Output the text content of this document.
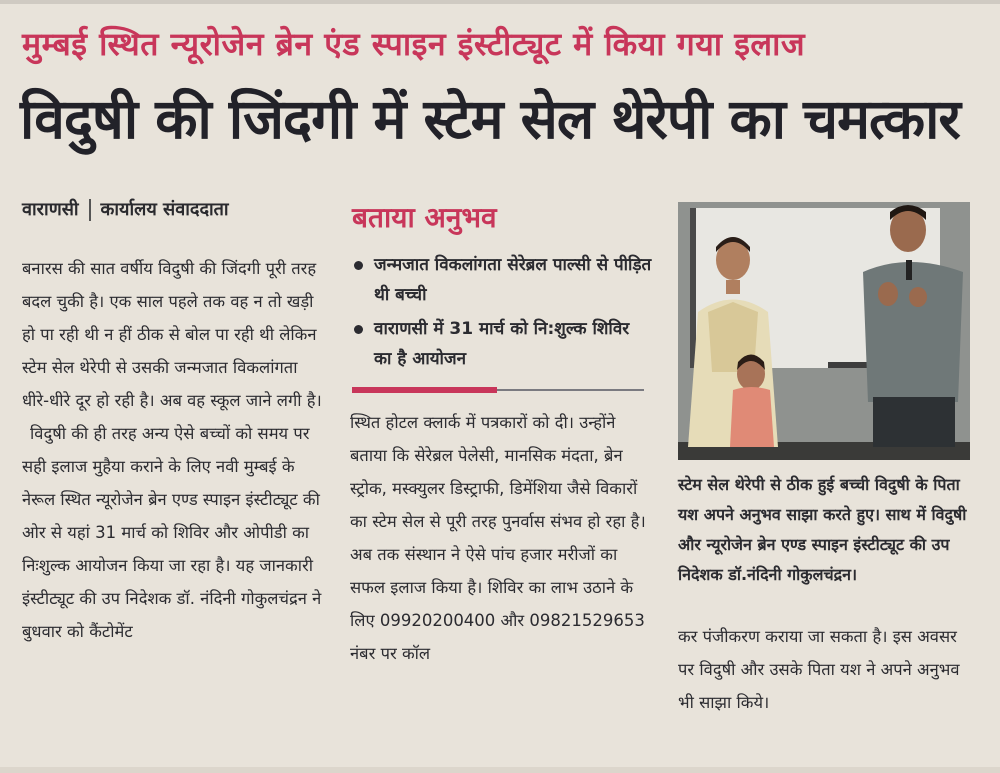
मुम्बई स्थित न्यूरोजेन ब्रेन एंड स्पाइन इंस्टीट्यूट में किया गया इलाज
विदुषी की जिंदगी में स्टेम सेल थेरेपी का चमत्कार
वाराणसी कार्यालय संवाददाता

बनारस की सात वर्षीय विदुषी की जिंदगी पूरी तरह बदल चुकी है। एक साल पहले तक वह न तो खड़ी हो पा रही थी न हीं ठीक से बोल पा रही थी लेकिन स्टेम सेल थेरेपी से उसकी जन्मजात विकलांगता धीरे-धीरे दूर हो रही है। अब वह स्कूल जाने लगी है।

विदुषी की ही तरह अन्य ऐसे बच्चों को समय पर सही इलाज मुहैया कराने के लिए नवी मुम्बई के नेरूल स्थित न्यूरोजेन ब्रेन एण्ड स्पाइन इंस्टीट्यूट की ओर से यहां 31 मार्च को शिविर और ओपीडी का निःशुल्क आयोजन किया जा रहा है। यह जानकारी इंस्टीट्यूट की उप निदेशक डॉ. नंदिनी गोकुलचंद्रन ने बुधवार को कैंटोमेंट

बताया अनुभव
जन्मजात विकलांगता सेरेब्रल पाल्सी से पीड़ित थी बच्ची
वाराणसी में 31 मार्च को नि:शुल्क शिविर का है आयोजन

स्थित होटल क्लार्क में पत्रकारों को दी। उन्होंने बताया कि सेरेब्रल पेलेसी, मानसिक मंदता, ब्रेन स्ट्रोक, मस्क्युलर डिस्ट्राफी, डिमेंशिया जैसे विकारों का स्टेम सेल से पूरी तरह पुनर्वास संभव हो रहा है। अब तक संस्थान ने ऐसे पांच हजार मरीजों का सफल इलाज किया है। शिविर का लाभ उठाने के लिए 09920200400 और 09821529653 नंबर पर कॉल

स्टेम सेल थेरेपी से ठीक हुई बच्ची विदुषी के पिता यश अपने अनुभव साझा करते हुए। साथ में विदुषी और न्यूरोजेन ब्रेन एण्ड स्पाइन इंस्टीट्यूट की उप निदेशक डॉ.नंदिनी गोकुलचंद्रन।

कर पंजीकरण कराया जा सकता है। इस अवसर पर विदुषी और उसके पिता यश ने अपने अनुभव भी साझा किये।
